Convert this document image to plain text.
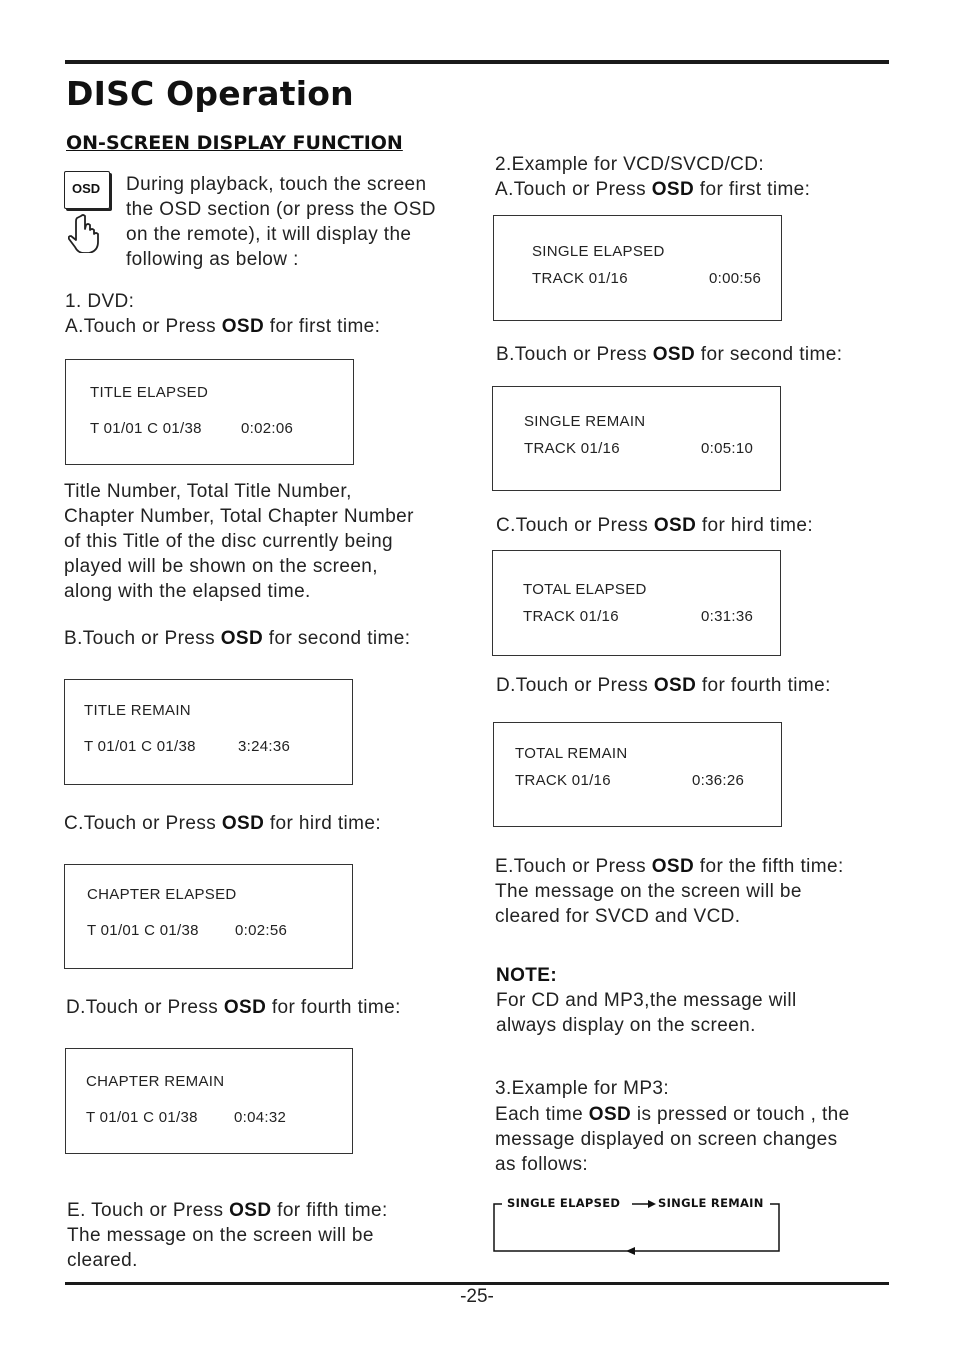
DISC Operation
ON-SCREEN DISPLAY FUNCTION
OSD During playback, touch the screen
the OSD section (or press the OSD
on the remote), it will display the
following as below :
1. DVD:
A.Touch or Press OSD for first time:
TITLE ELAPSED
T 01/01 C 01/38	0:02:06
Title Number, Total Title Number,
Chapter Number, Total Chapter Number
of this Title of the disc currently being
played will be shown on the screen,
along with the elapsed time.
B.Touch or Press OSD for second time:
TITLE REMAIN
T 01/01 C 01/38	3:24:36
C.Touch or Press OSD for hird time:
CHAPTER ELAPSED
T 01/01 C 01/38 0:02:56
D.Touch or Press OSD for fourth time:
CHAPTER REMAIN
T 01/01 C 01/38 0:04:32
E. Touch or Press OSD for fifth time:
The message on the screen will be
cleared.
2.Example for VCD/SVCD/CD:
A.Touch or Press OSD for first time:
SINGLE ELAPSED
TRACK 01/16	0:00:56
B.Touch or Press OSD for second time:
SINGLE REMAIN
TRACK 01/16	0:05:10
C.Touch or Press OSD for hird time:
TOTAL ELAPSED
TRACK 01/16	0:31:36
D.Touch or Press OSD for fourth time:
TOTAL REMAIN
TRACK 01/16	0:36:26
E.Touch or Press OSD for the fifth time:
The message on the screen will be
cleared for SVCD and VCD.
NOTE:
For CD and MP3,the message will
always display on the screen.
3.Example for MP3:
Each time OSD is pressed or touch , the
message displayed on screen changes
as follows:
SINGLE ELAPSED	SINGLE REMAIN
-25-
